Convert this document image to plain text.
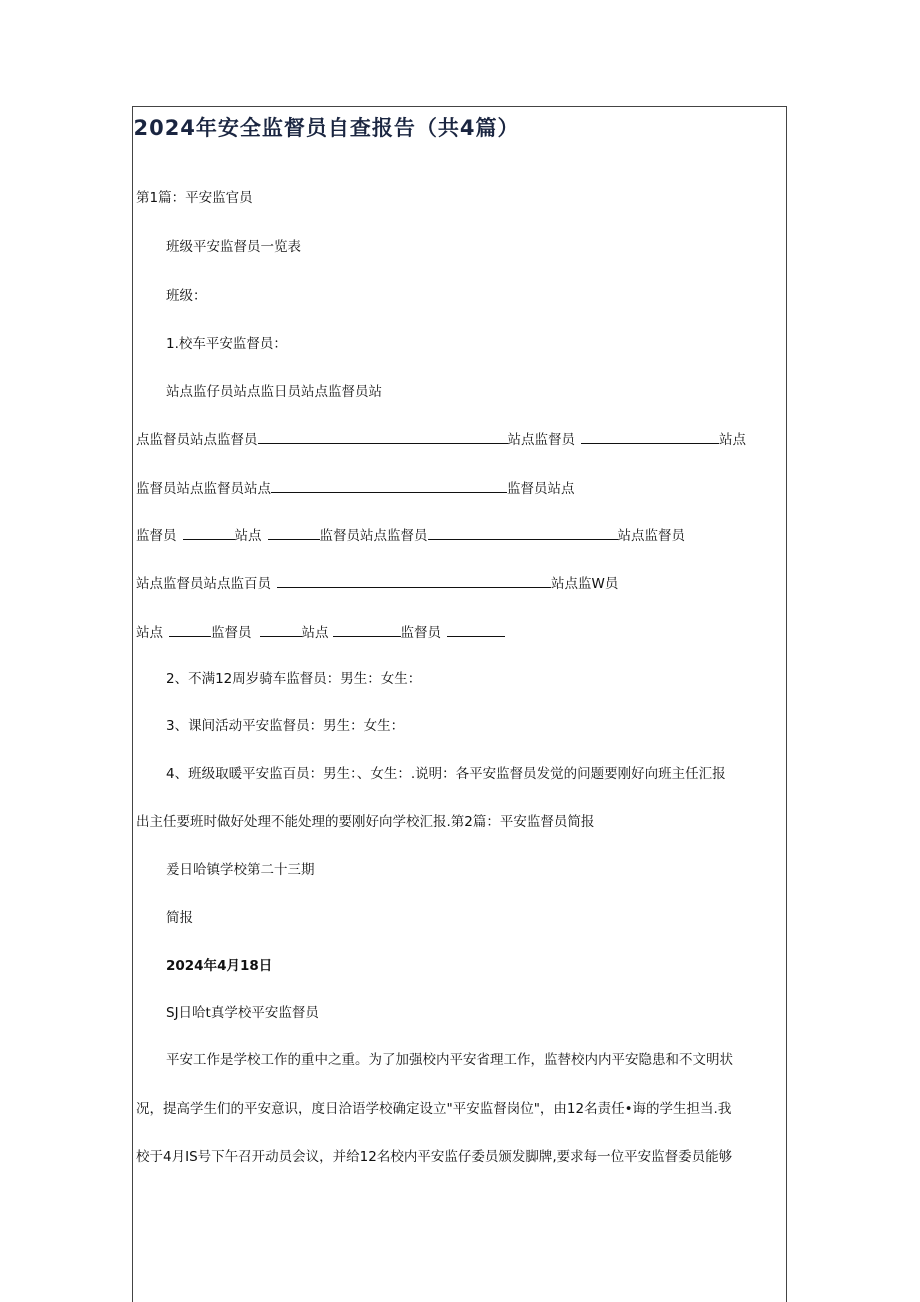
2024年安全监督员自查报告（共4篇）
第1篇：平安监官员
班级平安监督员一览表
班级：
1.校车平安监督员：
站点监仔员站点监日员站点监督员站
点监督员站点监督员	站点监督员	站点
监督员站点监督员站点	监督员站点
监督员	站点	监督员站点监督员	站点监督员
站点监督员站点监百员	站点监W员
站点	监督员	站点	监督员
2、不满12周岁骑车监督员：男生：女生：
3、课间活动平安监督员：男生：女生：
4、班级取暖平安监百员：男生：、女生：.说明：各平安监督员发觉的问题要刚好向班主任汇报
出主任要班时做好处理不能处理的要刚好向学校汇报.第2篇：平安监督员简报
爰日哈镇学校第二十三期
简报
2024年4月18日
SJ日哈t真学校平安监督员
平安工作是学校工作的重中之重。为了加强校内平安省理工作，监替校内内平安隐患和不文明状
况，提高学生们的平安意识，度日洽语学校确定设立"平安监督岗位"，由12名责任•诲的学生担当.我
校于4月IS号下午召开动员会议，并给12名校内平安监仔委员颁发脚牌,要求每一位平安监督委员能够
